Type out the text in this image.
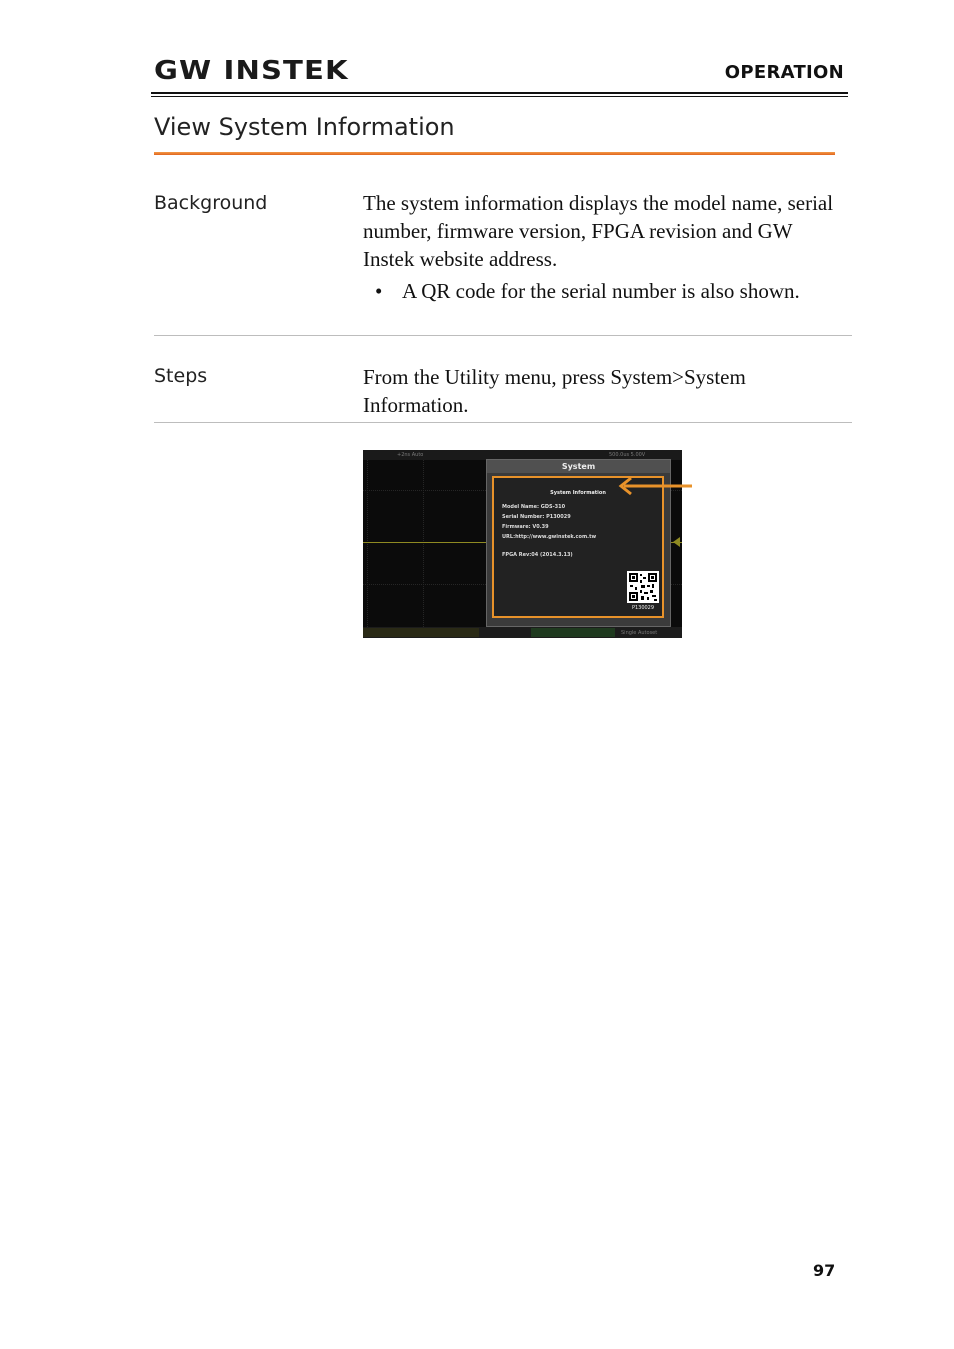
GW INSTEK	OPERATION
View System Information
Background	The system information displays the model name, serial number, firmware version, FPGA revision and GW Instek website address.
• A QR code for the serial number is also shown.
Steps	From the Utility menu, press System>System Information.
+2ns Auto	500.0us 5.00V
System
System Information
Model Name: GDS-310
Serial Number: P130029
Firmware: V0.39
URL:http://www.gwinstek.com.tw
FPGA Rev:04 (2014.3.13)
P130029
Single Autoset
97
